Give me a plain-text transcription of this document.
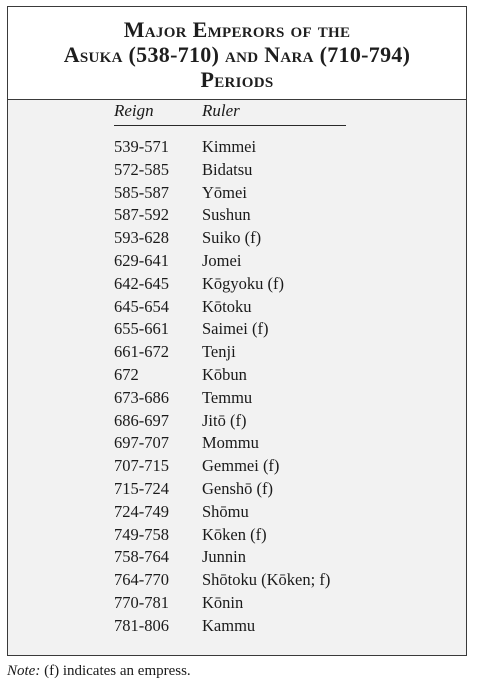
Major Emperors of the
Asuka (538-710) and Nara (710-794)
Periods
Reign	Ruler
539-571	Kimmei
572-585	Bidatsu
585-587	Yōmei
587-592	Sushun
593-628	Suiko (f)
629-641	Jomei
642-645	Kōgyoku (f)
645-654	Kōtoku
655-661	Saimei (f)
661-672	Tenji
672	Kōbun
673-686	Temmu
686-697	Jitō (f)
697-707	Mommu
707-715	Gemmei (f)
715-724	Genshō (f)
724-749	Shōmu
749-758	Kōken (f)
758-764	Junnin
764-770	Shōtoku (Kōken; f)
770-781	Kōnin
781-806	Kammu
Note: (f) indicates an empress.
